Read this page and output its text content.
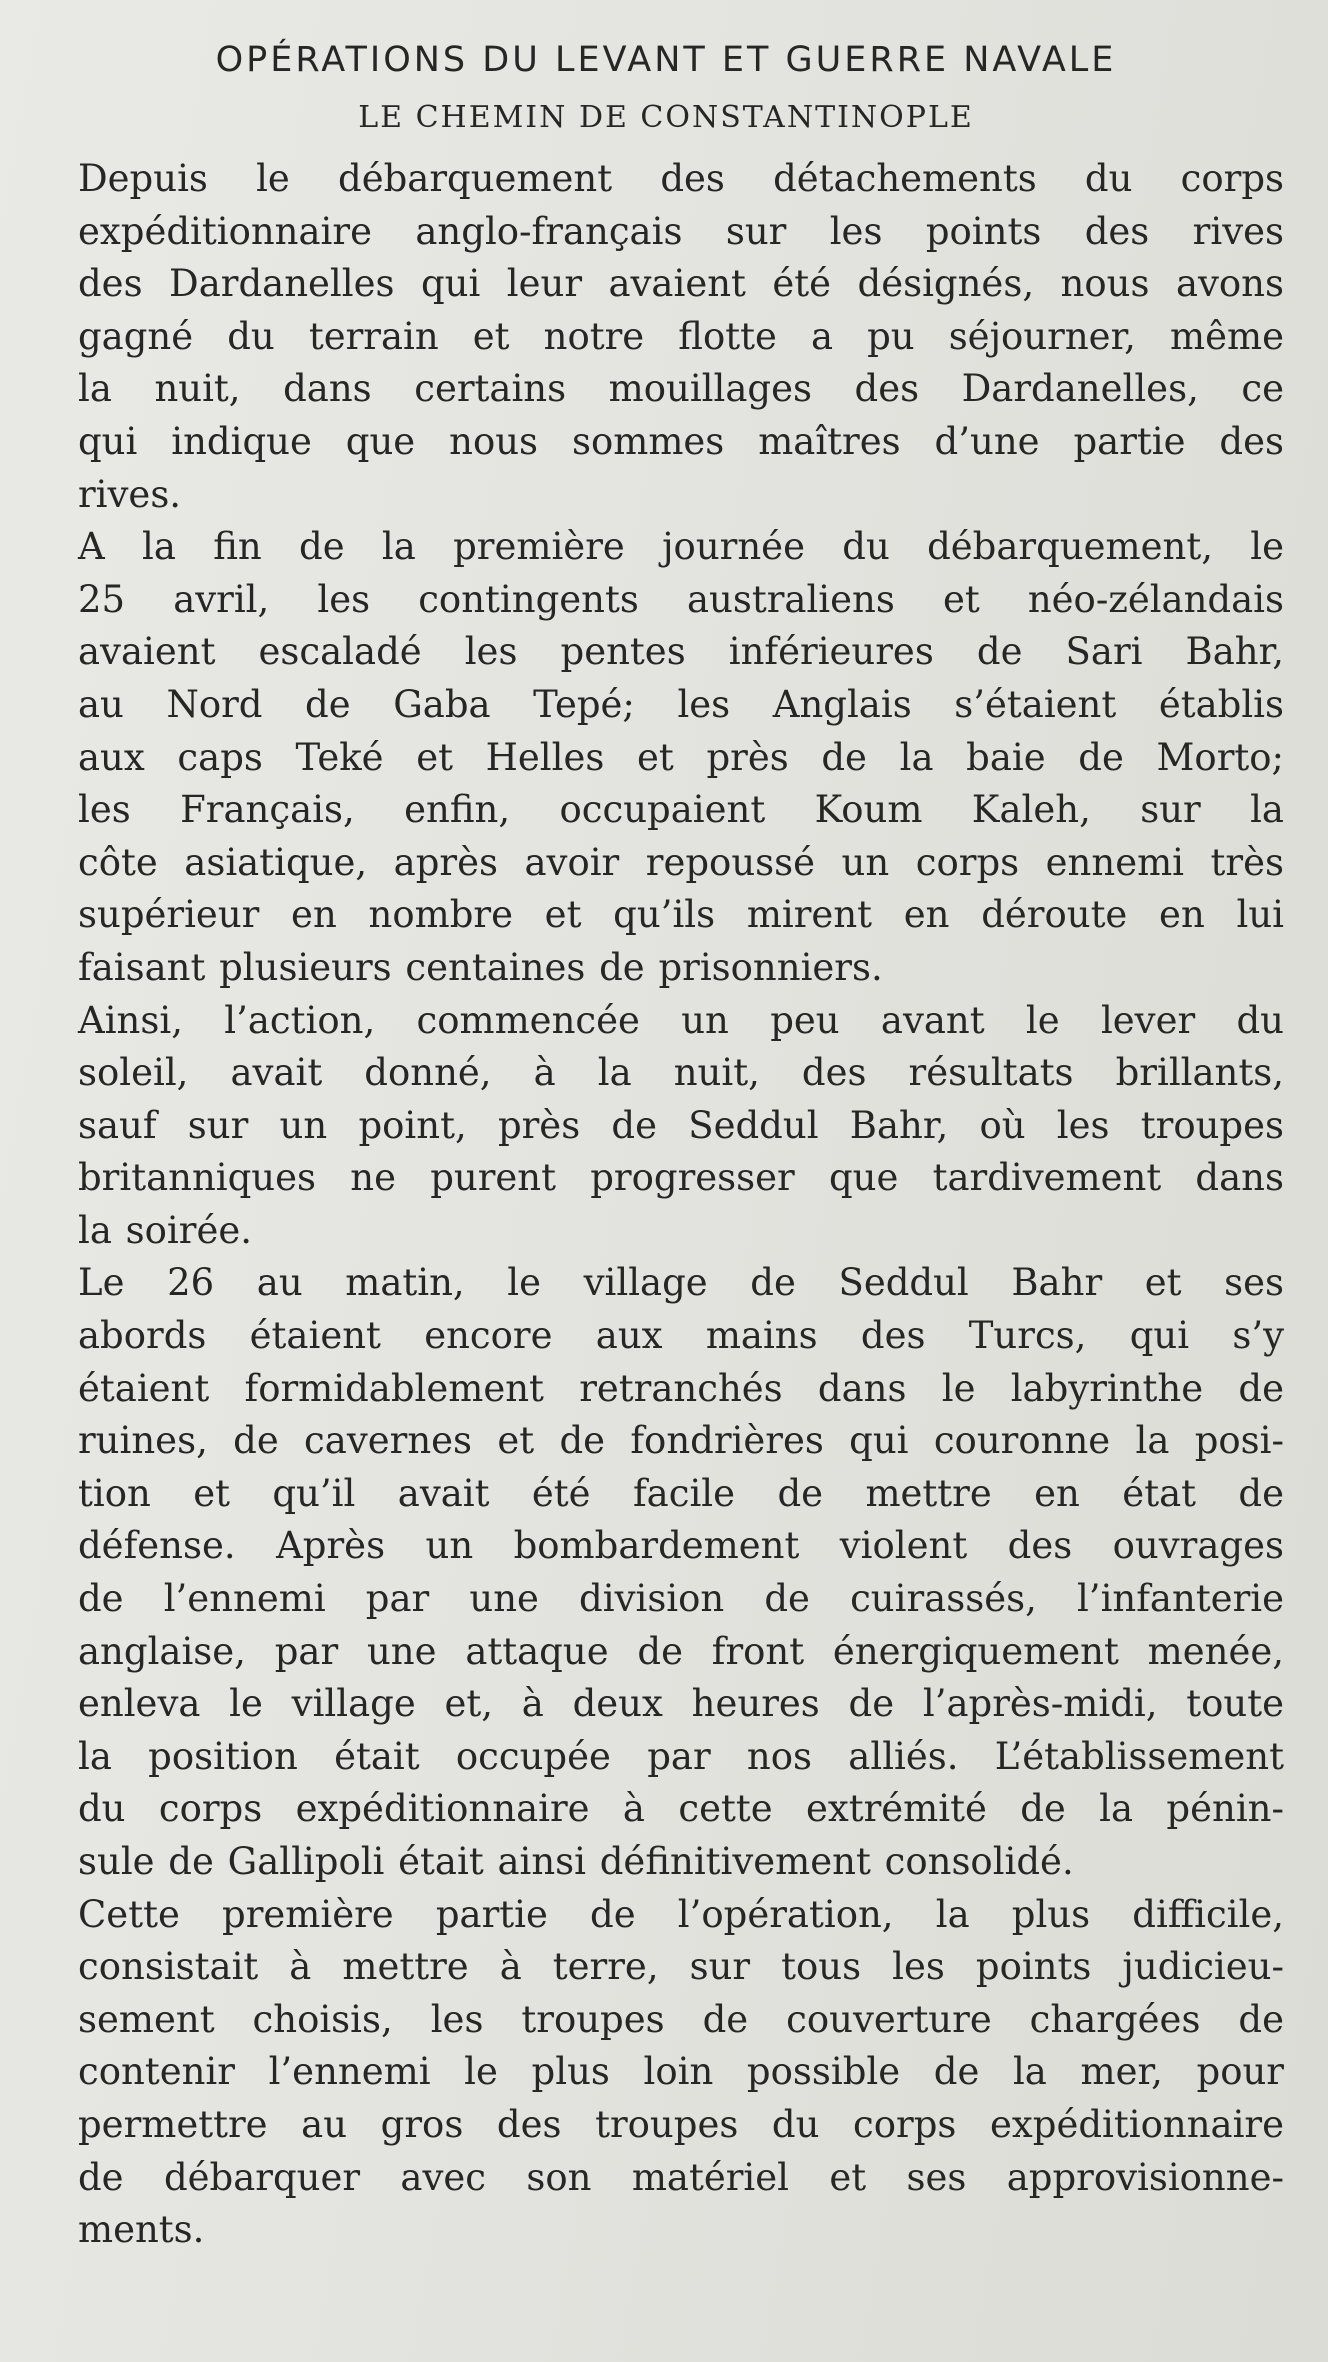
OPÉRATIONS DU LEVANT ET GUERRE NAVALE
LE CHEMIN DE CONSTANTINOPLE

Depuis le débarquement des détachements du corps
expéditionnaire anglo-français sur les points des rives
des Dardanelles qui leur avaient été désignés, nous avons
gagné du terrain et notre flotte a pu séjourner, même
la nuit, dans certains mouillages des Dardanelles, ce
qui indique que nous sommes maîtres d’une partie des
rives.

A la fin de la première journée du débarquement, le
25 avril, les contingents australiens et néo-zélandais
avaient escaladé les pentes inférieures de Sari Bahr,
au Nord de Gaba Tepé; les Anglais s’étaient établis
aux caps Teké et Helles et près de la baie de Morto;
les Français, enfin, occupaient Koum Kaleh, sur la
côte asiatique, après avoir repoussé un corps ennemi très
supérieur en nombre et qu’ils mirent en déroute en lui
faisant plusieurs centaines de prisonniers.

Ainsi, l’action, commencée un peu avant le lever du
soleil, avait donné, à la nuit, des résultats brillants,
sauf sur un point, près de Seddul Bahr, où les troupes
britanniques ne purent progresser que tardivement dans
la soirée.

Le 26 au matin, le village de Seddul Bahr et ses
abords étaient encore aux mains des Turcs, qui s’y
étaient formidablement retranchés dans le labyrinthe de
ruines, de cavernes et de fondrières qui couronne la posi-
tion et qu’il avait été facile de mettre en état de
défense. Après un bombardement violent des ouvrages
de l’ennemi par une division de cuirassés, l’infanterie
anglaise, par une attaque de front énergiquement menée,
enleva le village et, à deux heures de l’après-midi, toute
la position était occupée par nos alliés. L’établissement
du corps expéditionnaire à cette extrémité de la pénin-
sule de Gallipoli était ainsi définitivement consolidé.

Cette première partie de l’opération, la plus difficile,
consistait à mettre à terre, sur tous les points judicieu-
sement choisis, les troupes de couverture chargées de
contenir l’ennemi le plus loin possible de la mer, pour
permettre au gros des troupes du corps expéditionnaire
de débarquer avec son matériel et ses approvisionne-
ments.
